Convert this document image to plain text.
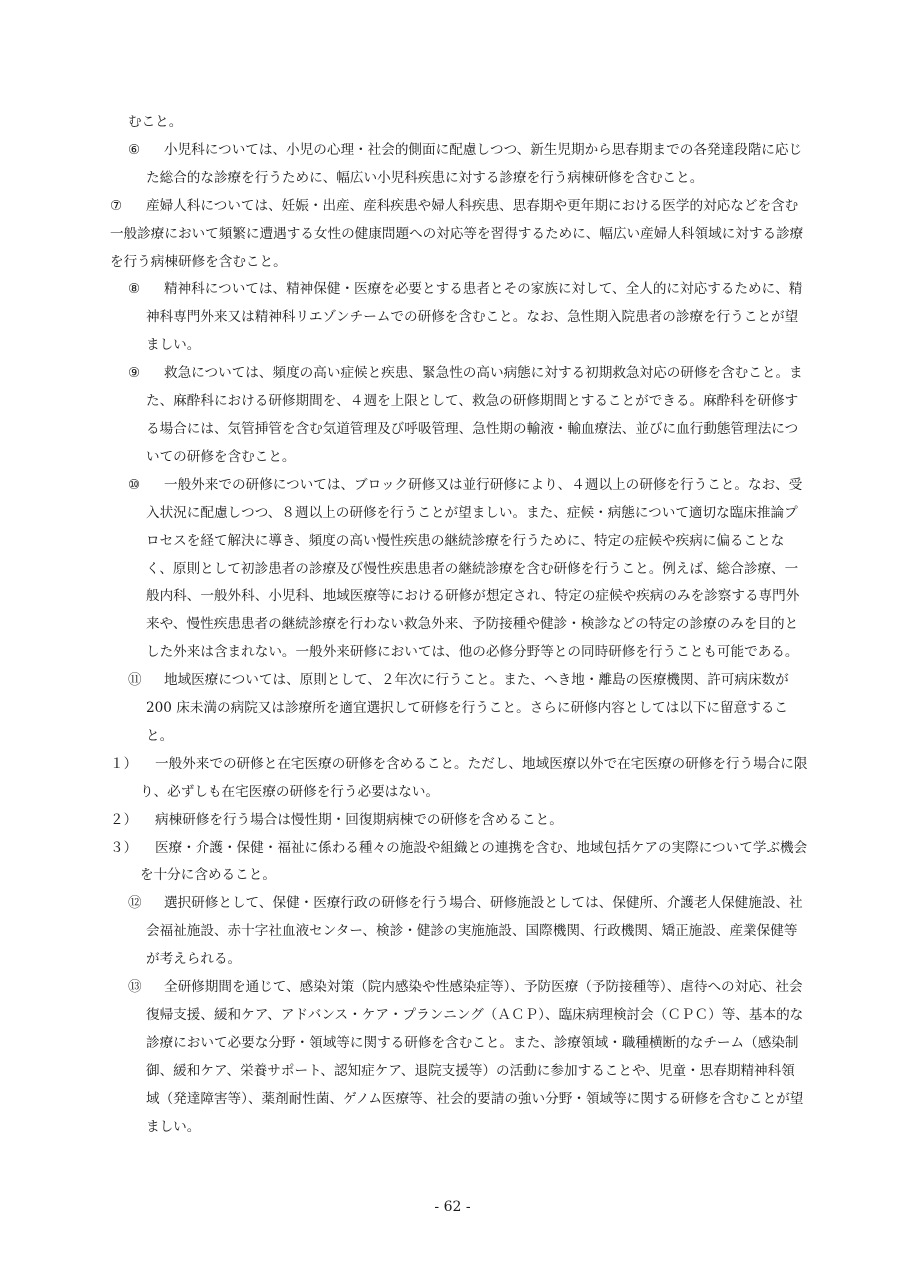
むこと。

⑥ 小児科については、小児の心理・社会的側面に配慮しつつ、新生児期から思春期までの各発達段階に応じた総合的な診療を行うために、幅広い小児科疾患に対する診療を行う病棟研修を含むこと。

⑦ 産婦人科については、妊娠・出産、産科疾患や婦人科疾患、思春期や更年期における医学的対応などを含む一般診療において頻繁に遭遇する女性の健康問題への対応等を習得するために、幅広い産婦人科領域に対する診療を行う病棟研修を含むこと。

⑧ 精神科については、精神保健・医療を必要とする患者とその家族に対して、全人的に対応するために、精神科専門外来又は精神科リエゾンチームでの研修を含むこと。なお、急性期入院患者の診療を行うことが望ましい。

⑨ 救急については、頻度の高い症候と疾患、緊急性の高い病態に対する初期救急対応の研修を含むこと。また、麻酔科における研修期間を、４週を上限として、救急の研修期間とすることができる。麻酔科を研修する場合には、気管挿管を含む気道管理及び呼吸管理、急性期の輸液・輸血療法、並びに血行動態管理法についての研修を含むこと。

⑩ 一般外来での研修については、ブロック研修又は並行研修により、４週以上の研修を行うこと。なお、受入状況に配慮しつつ、８週以上の研修を行うことが望ましい。また、症候・病態について適切な臨床推論プロセスを経て解決に導き、頻度の高い慢性疾患の継続診療を行うために、特定の症候や疾病に偏ることなく、原則として初診患者の診療及び慢性疾患患者の継続診療を含む研修を行うこと。例えば、総合診療、一般内科、一般外科、小児科、地域医療等における研修が想定され、特定の症候や疾病のみを診察する専門外来や、慢性疾患患者の継続診療を行わない救急外来、予防接種や健診・検診などの特定の診療のみを目的とした外来は含まれない。一般外来研修においては、他の必修分野等との同時研修を行うことも可能である。

⑪ 地域医療については、原則として、２年次に行うこと。また、へき地・離島の医療機関、許可病床数が 200 床未満の病院又は診療所を適宜選択して研修を行うこと。さらに研修内容としては以下に留意すること。

１） 一般外来での研修と在宅医療の研修を含めること。ただし、地域医療以外で在宅医療の研修を行う場合に限り、必ずしも在宅医療の研修を行う必要はない。

２） 病棟研修を行う場合は慢性期・回復期病棟での研修を含めること。

３） 医療・介護・保健・福祉に係わる種々の施設や組織との連携を含む、地域包括ケアの実際について学ぶ機会を十分に含めること。

⑫ 選択研修として、保健・医療行政の研修を行う場合、研修施設としては、保健所、介護老人保健施設、社会福祉施設、赤十字社血液センター、検診・健診の実施施設、国際機関、行政機関、矯正施設、産業保健等が考えられる。

⑬ 全研修期間を通じて、感染対策（院内感染や性感染症等）、予防医療（予防接種等）、虐待への対応、社会復帰支援、緩和ケア、アドバンス・ケア・プランニング（ＡＣＰ）、臨床病理検討会（ＣＰＣ）等、基本的な診療において必要な分野・領域等に関する研修を含むこと。また、診療領域・職種横断的なチーム（感染制御、緩和ケア、栄養サポート、認知症ケア、退院支援等）の活動に参加することや、児童・思春期精神科領域（発達障害等）、薬剤耐性菌、ゲノム医療等、社会的要請の強い分野・領域等に関する研修を含むことが望ましい。

- 62 -
